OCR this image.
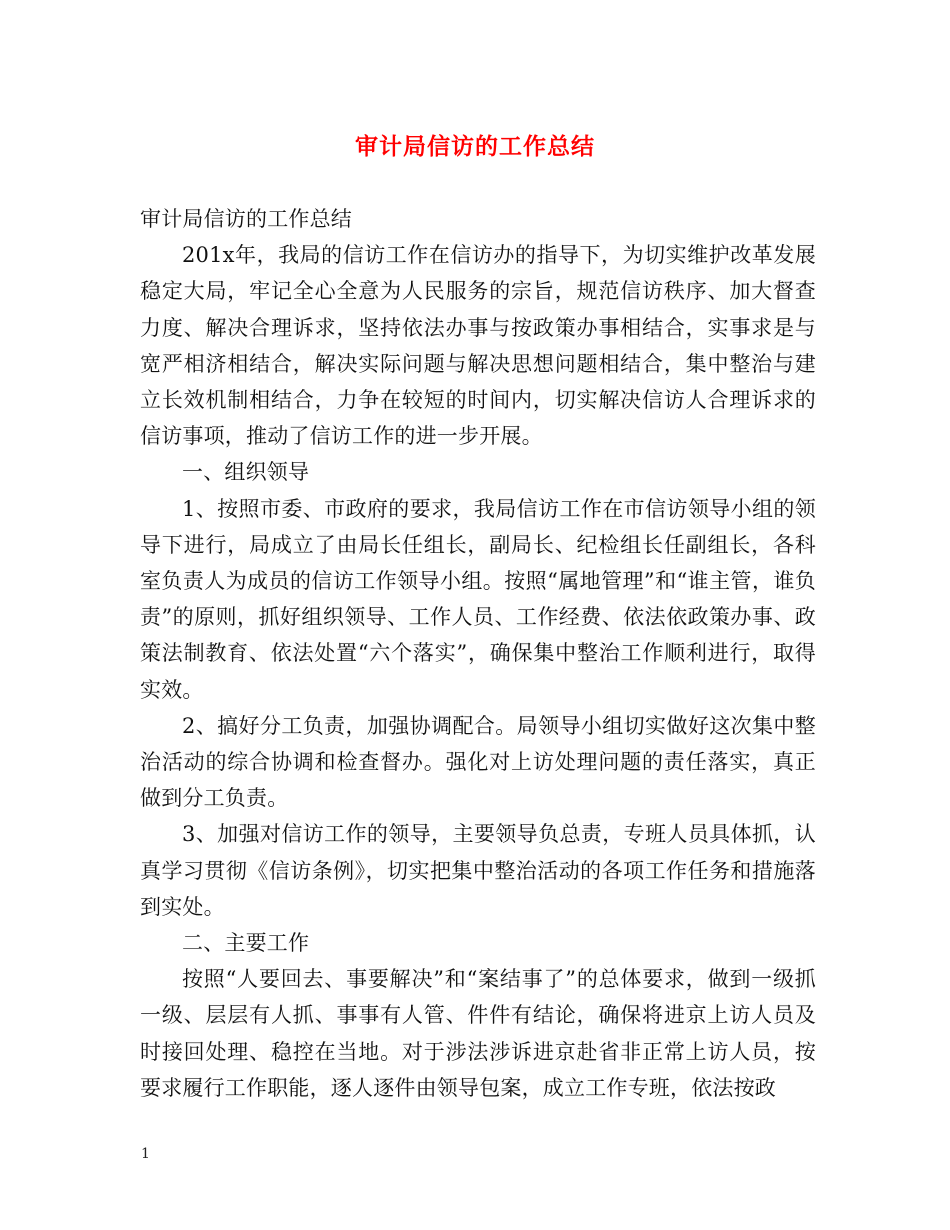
审计局信访的工作总结

审计局信访的工作总结

201x年，我局的信访工作在信访办的指导下，为切实维护改革发展稳定大局，牢记全心全意为人民服务的宗旨，规范信访秩序、加大督查力度、解决合理诉求，坚持依法办事与按政策办事相结合，实事求是与宽严相济相结合，解决实际问题与解决思想问题相结合，集中整治与建立长效机制相结合，力争在较短的时间内，切实解决信访人合理诉求的信访事项，推动了信访工作的进一步开展。

一、组织领导

1、按照市委、市政府的要求，我局信访工作在市信访领导小组的领导下进行，局成立了由局长任组长，副局长、纪检组长任副组长，各科室负责人为成员的信访工作领导小组。按照“属地管理”和“谁主管，谁负责”的原则，抓好组织领导、工作人员、工作经费、依法依政策办事、政策法制教育、依法处置“六个落实”，确保集中整治工作顺利进行，取得实效。

2、搞好分工负责，加强协调配合。局领导小组切实做好这次集中整治活动的综合协调和检查督办。强化对上访处理问题的责任落实，真正做到分工负责。

3、加强对信访工作的领导，主要领导负总责，专班人员具体抓，认真学习贯彻《信访条例》，切实把集中整治活动的各项工作任务和措施落到实处。

二、主要工作

按照“人要回去、事要解决”和“案结事了”的总体要求，做到一级抓一级、层层有人抓、事事有人管、件件有结论，确保将进京上访人员及时接回处理、稳控在当地。对于涉法涉诉进京赴省非正常上访人员，按要求履行工作职能，逐人逐件由领导包案，成立工作专班，依法按政

1
